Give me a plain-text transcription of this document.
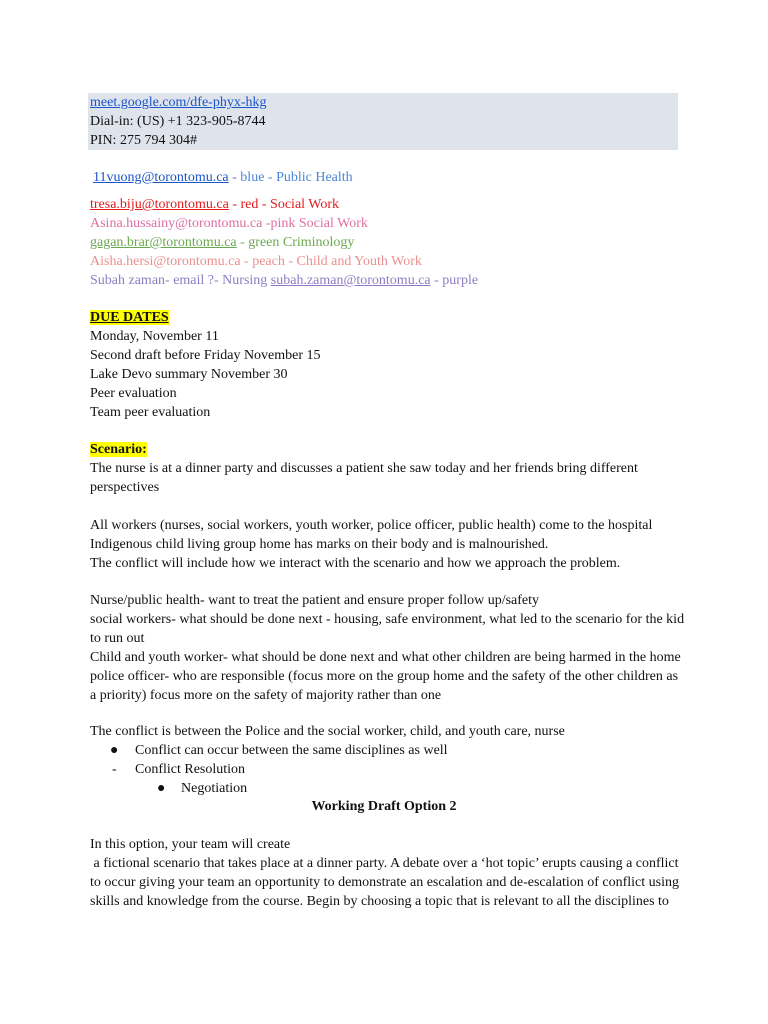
meet.google.com/dfe-phyx-hkg
Dial-in: (US) +1 323-905-8744
PIN: 275 794 304#
11vuong@torontomu.ca - blue - Public Health
tresa.biju@torontomu.ca - red - Social Work
Asina.hussainy@torontomu.ca -pink Social Work
gagan.brar@torontomu.ca - green Criminology
Aisha.hersi@torontomu.ca - peach - Child and Youth Work
Subah zaman- email ?- Nursing subah.zaman@torontomu.ca - purple
DUE DATES
Monday, November 11
Second draft before Friday November 15
Lake Devo summary November 30
Peer evaluation
Team peer evaluation
Scenario:
The nurse is at a dinner party and discusses a patient she saw today and her friends bring different
perspectives
All workers (nurses, social workers, youth worker, police officer, public health) come to the hospital
Indigenous child living group home has marks on their body and is malnourished.
The conflict will include how we interact with the scenario and how we approach the problem.
Nurse/public health- want to treat the patient and ensure proper follow up/safety
social workers- what should be done next - housing, safe environment, what led to the scenario for the kid
to run out
Child and youth worker- what should be done next and what other children are being harmed in the home
police officer- who are responsible (focus more on the group home and the safety of the other children as
a priority) focus more on the safety of majority rather than one
The conflict is between the Police and the social worker, child, and youth care, nurse
● Conflict can occur between the same disciplines as well
- Conflict Resolution
● Negotiation
Working Draft Option 2
In this option, your team will create
a fictional scenario that takes place at a dinner party. A debate over a ‘hot topic’ erupts causing a conflict
to occur giving your team an opportunity to demonstrate an escalation and de-escalation of conflict using
skills and knowledge from the course. Begin by choosing a topic that is relevant to all the disciplines to
